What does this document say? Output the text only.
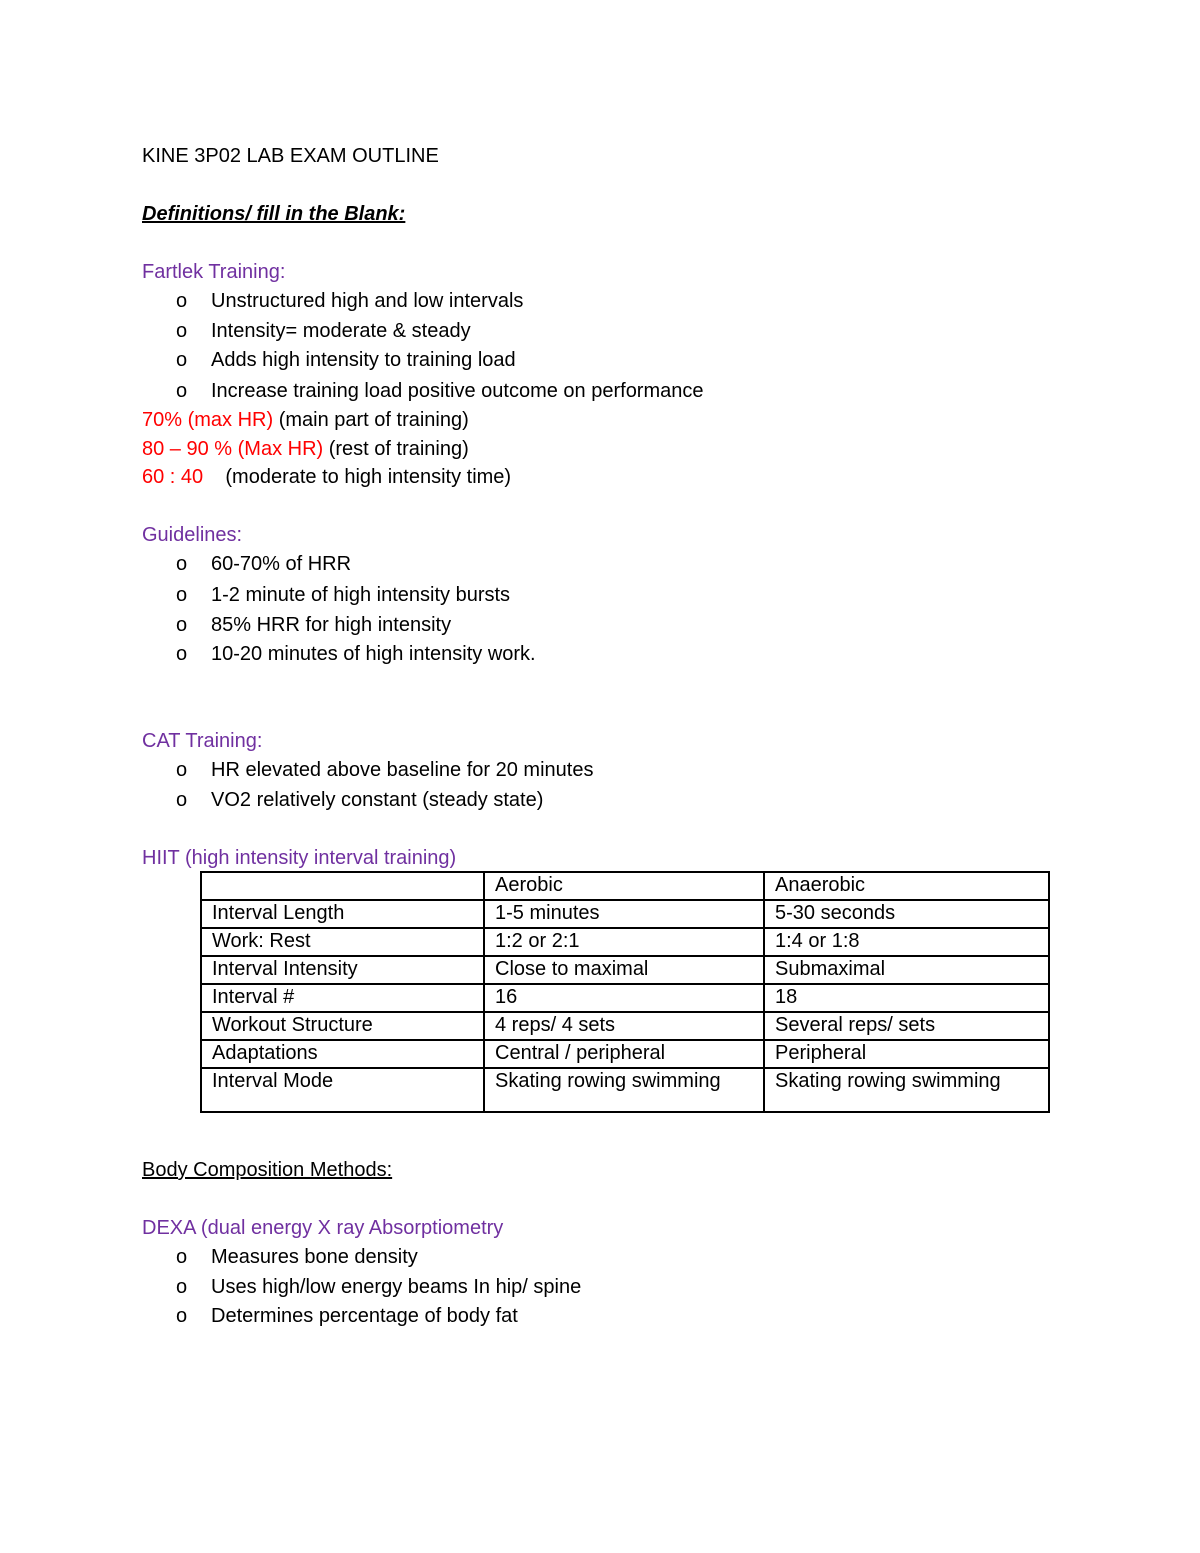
KINE 3P02 LAB EXAM OUTLINE
Definitions/ fill in the Blank:
Fartlek Training:
o Unstructured high and low intervals
o Intensity= moderate & steady
o Adds high intensity to training load
o Increase training load positive outcome on performance
70% (max HR) (main part of training)
80 – 90 % (Max HR) (rest of training)
60 : 40    (moderate to high intensity time)
Guidelines:
o 60-70% of HRR
o 1-2 minute of high intensity bursts
o 85% HRR for high intensity
o 10-20 minutes of high intensity work.
CAT Training:
o HR elevated above baseline for 20 minutes
o VO2 relatively constant (steady state)
HIIT (high intensity interval training)
	Aerobic	Anaerobic
Interval Length	1-5 minutes	5-30 seconds
Work: Rest	1:2 or 2:1	1:4 or 1:8
Interval Intensity	Close to maximal	Submaximal
Interval #	16	18
Workout Structure	4 reps/ 4 sets	Several reps/ sets
Adaptations	Central / peripheral	Peripheral
Interval Mode	Skating rowing swimming	Skating rowing swimming
Body Composition Methods:
DEXA (dual energy X ray Absorptiometry
o Measures bone density
o Uses high/low energy beams In hip/ spine
o Determines percentage of body fat
